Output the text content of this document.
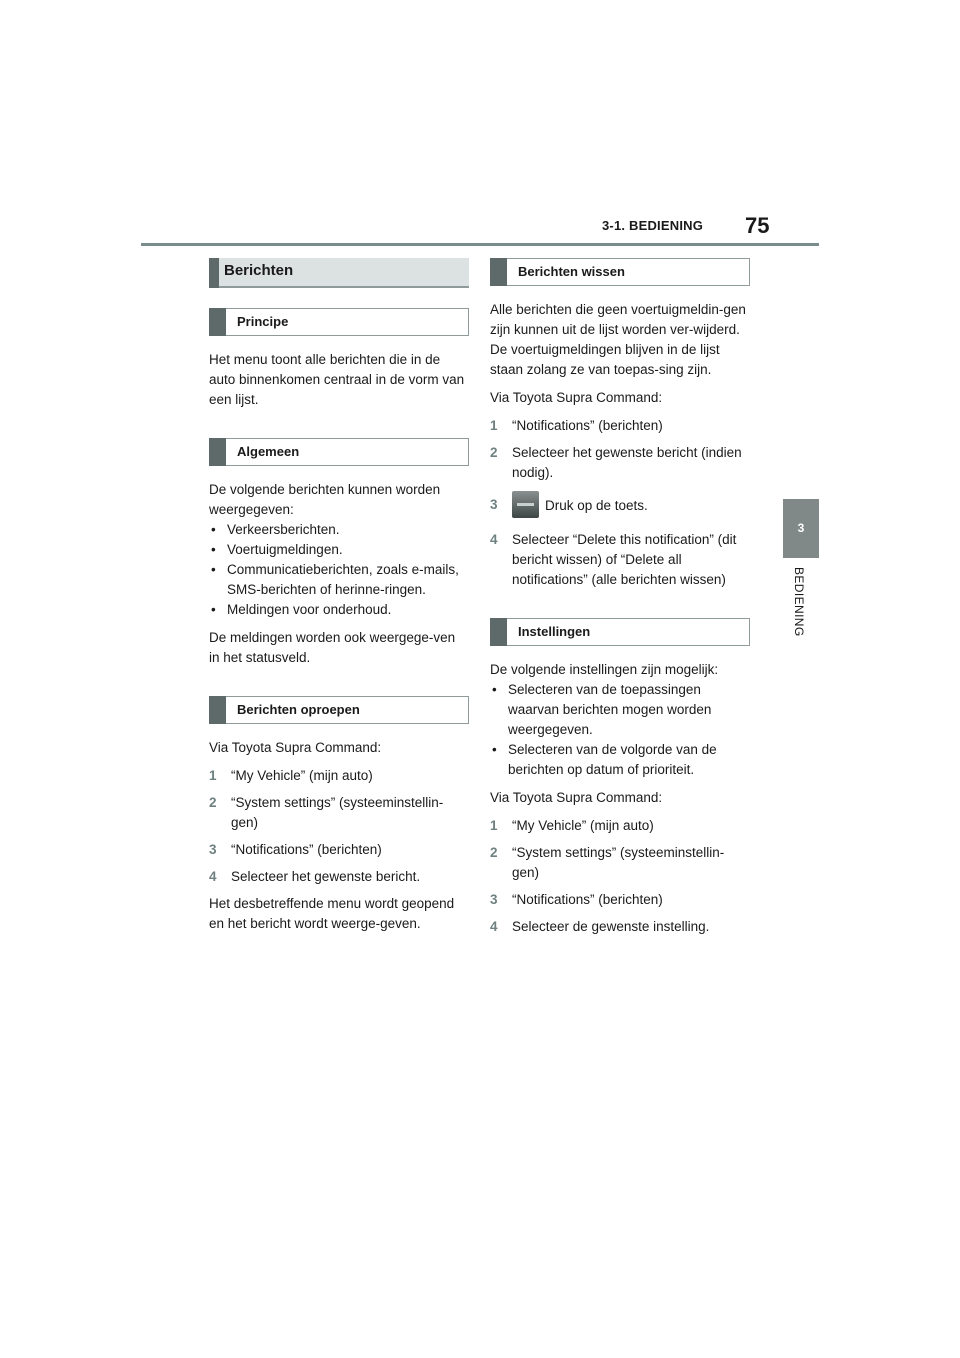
3-1. BEDIENING 75
3
BEDIENING
Berichten
Principe

Het menu toont alle berichten die in de auto binnenkomen centraal in de vorm van een lijst.

Algemeen

De volgende berichten kunnen worden weergegeven:

• Verkeersberichten.
• Voertuigmeldingen.
• Communicatieberichten, zoals e-mails, SMS-berichten of herinne-ringen.
• Meldingen voor onderhoud.

De meldingen worden ook weergege-ven in het statusveld.

Berichten oproepen

Via Toyota Supra Command:

1 “My Vehicle” (mijn auto)
2 “System settings” (systeeminstellin-gen)
3 “Notifications” (berichten)
4 Selecteer het gewenste bericht.

Het desbetreffende menu wordt geopend en het bericht wordt weerge-geven.

Berichten wissen

Alle berichten die geen voertuigmeldin-gen zijn kunnen uit de lijst worden ver-wijderd. De voertuigmeldingen blijven in de lijst staan zolang ze van toepas-sing zijn.

Via Toyota Supra Command:

1 “Notifications” (berichten)
2 Selecteer het gewenste bericht (indien nodig).
3	Druk op de toets.
4 Selecteer “Delete this notification” (dit bericht wissen) of “Delete all notifications” (alle berichten wissen)
Instellingen

De volgende instellingen zijn mogelijk:

• Selecteren van de toepassingen waarvan berichten mogen worden weergegeven.
• Selecteren van de volgorde van de berichten op datum of prioriteit.

Via Toyota Supra Command:

1 “My Vehicle” (mijn auto)
2 “System settings” (systeeminstellin-gen)
3 “Notifications” (berichten)
4 Selecteer de gewenste instelling.
